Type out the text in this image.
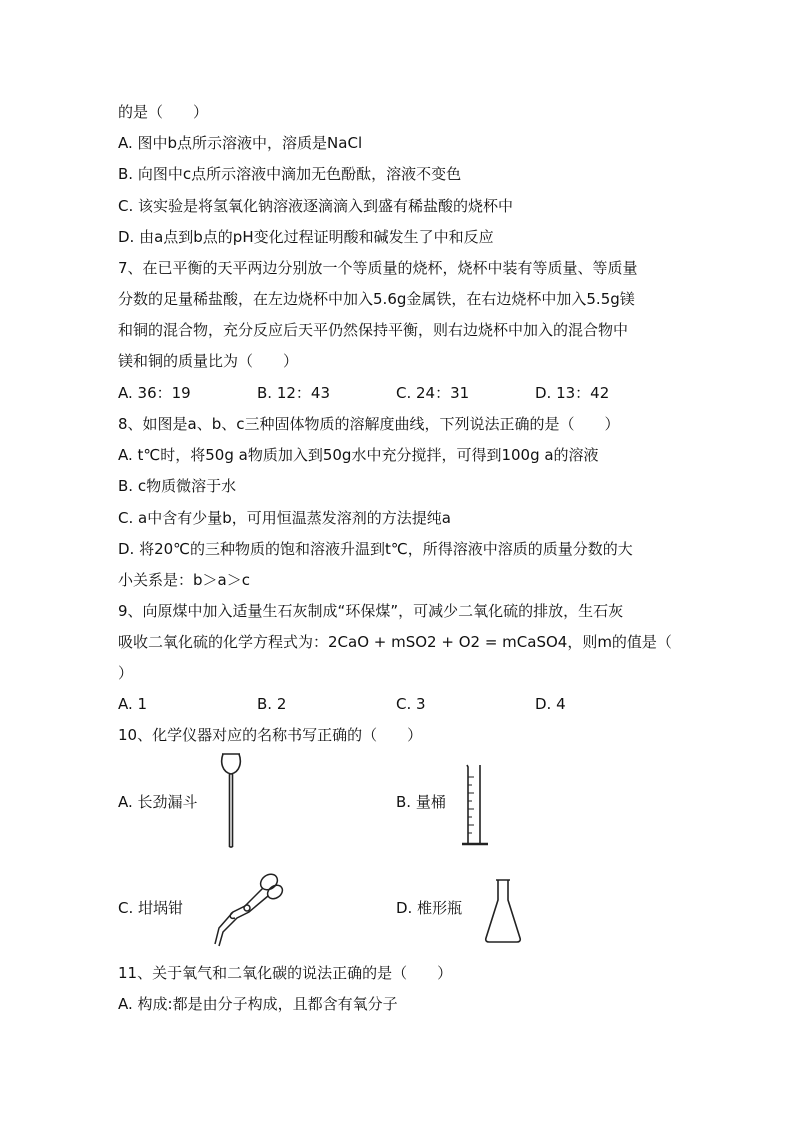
的是（　　）
A. 图中b点所示溶液中，溶质是NaCl
B. 向图中c点所示溶液中滴加无色酚酞，溶液不变色
C. 该实验是将氢氧化钠溶液逐滴滴入到盛有稀盐酸的烧杯中
D. 由a点到b点的pH变化过程证明酸和碱发生了中和反应
7、在已平衡的天平两边分别放一个等质量的烧杯，烧杯中装有等质量、等质量
分数的足量稀盐酸，在左边烧杯中加入5.6g金属铁，在右边烧杯中加入5.5g镁
和铜的混合物，充分反应后天平仍然保持平衡，则右边烧杯中加入的混合物中
镁和铜的质量比为（　　）
A. 36：19	B. 12：43	C. 24：31	D. 13：42
8、如图是a、b、c三种固体物质的溶解度曲线，下列说法正确的是（　　）
A. t℃时，将50g a物质加入到50g水中充分搅拌，可得到100g a的溶液
B. c物质微溶于水
C. a中含有少量b，可用恒温蒸发溶剂的方法提纯a
D. 将20℃的三种物质的饱和溶液升温到t℃，所得溶液中溶质的质量分数的大
小关系是：b＞a＞c
9、向原煤中加入适量生石灰制成“环保煤”，可减少二氧化硫的排放，生石灰
吸收二氧化硫的化学方程式为：2CaO + mSO2 + O2 = mCaSO4，则m的值是（
）
A. 1	B. 2	C. 3	D. 4
10、化学仪器对应的名称书写正确的（　　）
A. 长劲漏斗	B. 量桶
C. 坩埚钳	D. 椎形瓶
11、关于氧气和二氧化碳的说法正确的是（　　）
A. 构成:都是由分子构成，且都含有氧分子
